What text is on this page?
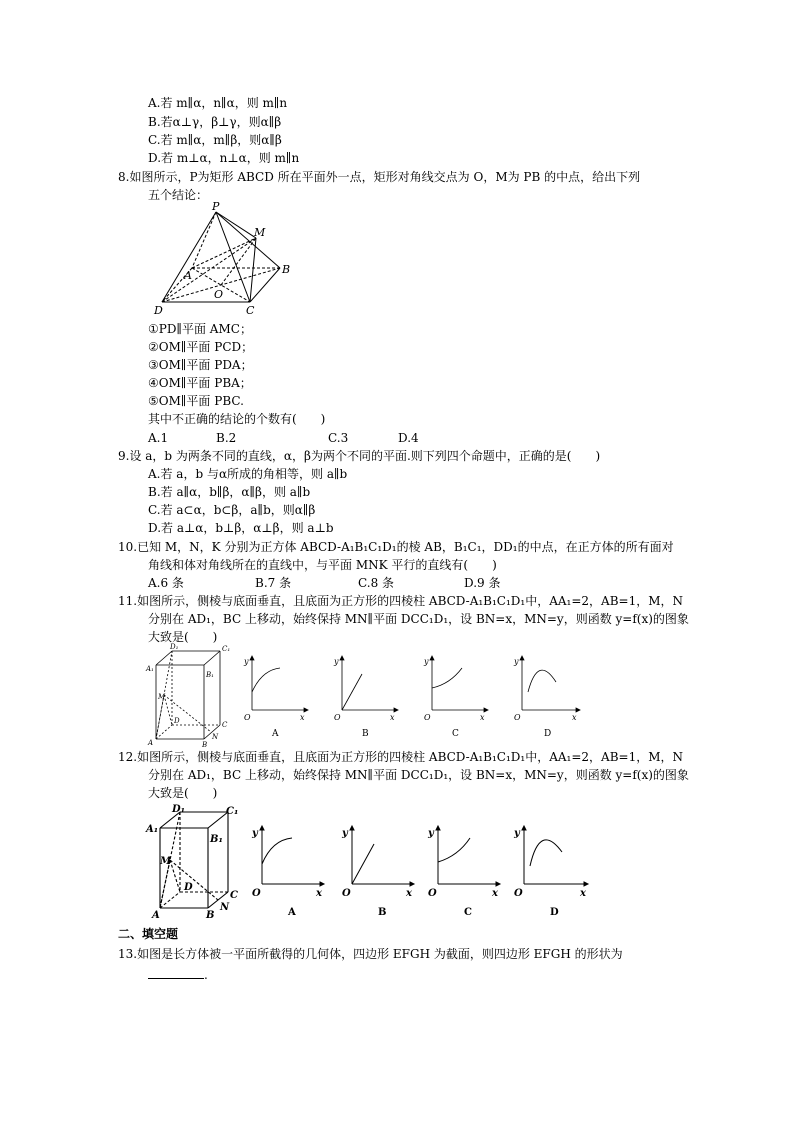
A.若 m∥α，n∥α，则 m∥n
B.若α⊥γ，β⊥γ，则α∥β
C.若 m∥α，m∥β，则α∥β
D.若 m⊥α，n⊥α，则 m∥n
8.如图所示，P为矩形 ABCD 所在平面外一点，矩形对角线交点为 O，M为 PB 的中点，给出下列
五个结论：
P
M
A	B
O
D	C
①PD∥平面 AMC；
②OM∥平面 PCD；
③OM∥平面 PDA；
④OM∥平面 PBA；
⑤OM∥平面 PBC.
其中不正确的结论的个数有(　　)
A.1	B.2	C.3	D.4
9.设 a，b 为两条不同的直线，α，β为两个不同的平面.则下列四个命题中，正确的是(　　)
A.若 a，b 与α所成的角相等，则 a∥b
B.若 a∥α，b∥β，α∥β，则 a∥b
C.若 a⊂α，b⊂β，a∥b，则α∥β
D.若 a⊥α，b⊥β，α⊥β，则 a⊥b
10.已知 M，N，K 分别为正方体 ABCD-A₁B₁C₁D₁的棱 AB，B₁C₁，DD₁的中点，在正方体的所有面对
角线和体对角线所在的直线中，与平面 MNK 平行的直线有(　　)
A.6 条	B.7 条	C.8 条	D.9 条
11.如图所示，侧棱与底面垂直，且底面为正方形的四棱柱 ABCD-A₁B₁C₁D₁中，AA₁=2，AB=1，M，N
分别在 AD₁，BC 上移动，始终保持 MN∥平面 DCC₁D₁，设 BN=x，MN=y，则函数 y=f(x)的图象
大致是(　　)
D₁	C₁
A₁
B₁
M
D	C
A	B
N
y
x
O
A
y
x
O
B
y
x
O
C
y
x
O
D
12.如图所示，侧棱与底面垂直，且底面为正方形的四棱柱 ABCD-A₁B₁C₁D₁中，AA₁=2，AB=1，M，N
分别在 AD₁，BC 上移动，始终保持 MN∥平面 DCC₁D₁，设 BN=x，MN=y，则函数 y=f(x)的图象
大致是(　　)
D₁	C₁
A₁
B₁
M
D
C
A	B
N
y
x
O
A
y
x
O
B
y
x
O
C
y
x
O
D
二、填空题
13.如图是长方体被一平面所截得的几何体，四边形 EFGH 为截面，则四边形 EFGH 的形状为
.
